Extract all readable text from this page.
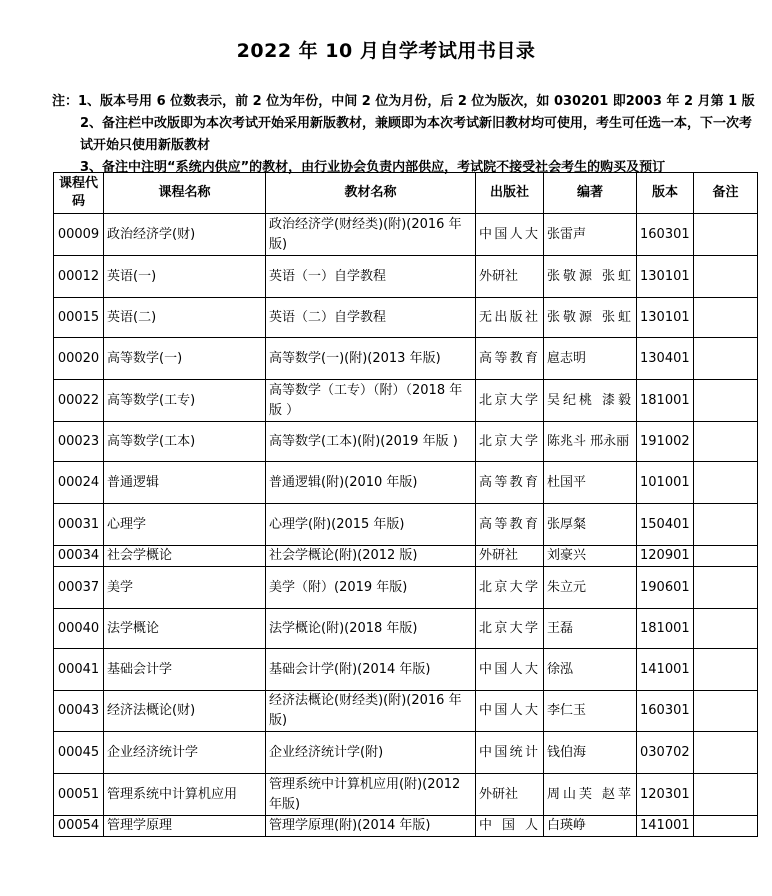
2022 年 10 月自学考试用书目录

注：1、版本号用 6 位数表示，前 2 位为年份，中间 2 位为月份，后 2 位为版次，如 030201 即2003 年 2 月第 1 版

2、备注栏中改版即为本次考试开始采用新版教材，兼顾即为本次考试新旧教材均可使用，考生可任选一本，下一次考试开始只使用新版教材

3、备注中注明“系统内供应”的教材，由行业协会负责内部供应，考试院不接受社会考生的购买及预订

课程代码	课程名称	教材名称	出版社	编著	版本	备注
00009	政治经济学(财)	政治经济学(财经类)(附)(2016 年版)	中国人大	张雷声	160301	
00012	英语(一)	英语（一）自学教程	外研社	张敬源 张虹	130101	
00015	英语(二)	英语（二）自学教程	无出版社	张敬源 张虹	130101	
00020	高等数学(一)	高等数学(一)(附)(2013 年版)	高等教育	扈志明	130401	
00022	高等数学(工专)	高等数学（工专）（附）（2018 年版 ）	北京大学	吴纪桃 漆毅	181001	
00023	高等数学(工本)	高等数学(工本)(附)(2019 年版 )	北京大学	陈兆斗 邢永丽	191002	
00024	普通逻辑	普通逻辑(附)(2010 年版)	高等教育	杜国平	101001	
00031	心理学	心理学(附)(2015 年版)	高等教育	张厚粲	150401	
00034	社会学概论	社会学概论(附)(2012 版)	外研社	刘豪兴	120901	
00037	美学	美学（附）(2019 年版)	北京大学	朱立元	190601	
00040	法学概论	法学概论(附)(2018 年版)	北京大学	王磊	181001	
00041	基础会计学	基础会计学(附)(2014 年版)	中国人大	徐泓	141001	
00043	经济法概论(财)	经济法概论(财经类)(附)(2016 年版)	中国人大	李仁玉	160301	
00045	企业经济统计学	企业经济统计学(附)	中国统计	钱伯海	030702	
00051	管理系统中计算机应用	管理系统中计算机应用(附)(2012 年版)	外研社	周山芙 赵苹	120301	
00054	管理学原理	管理学原理(附)(2014 年版)	中国人	白瑛峥	141001	
